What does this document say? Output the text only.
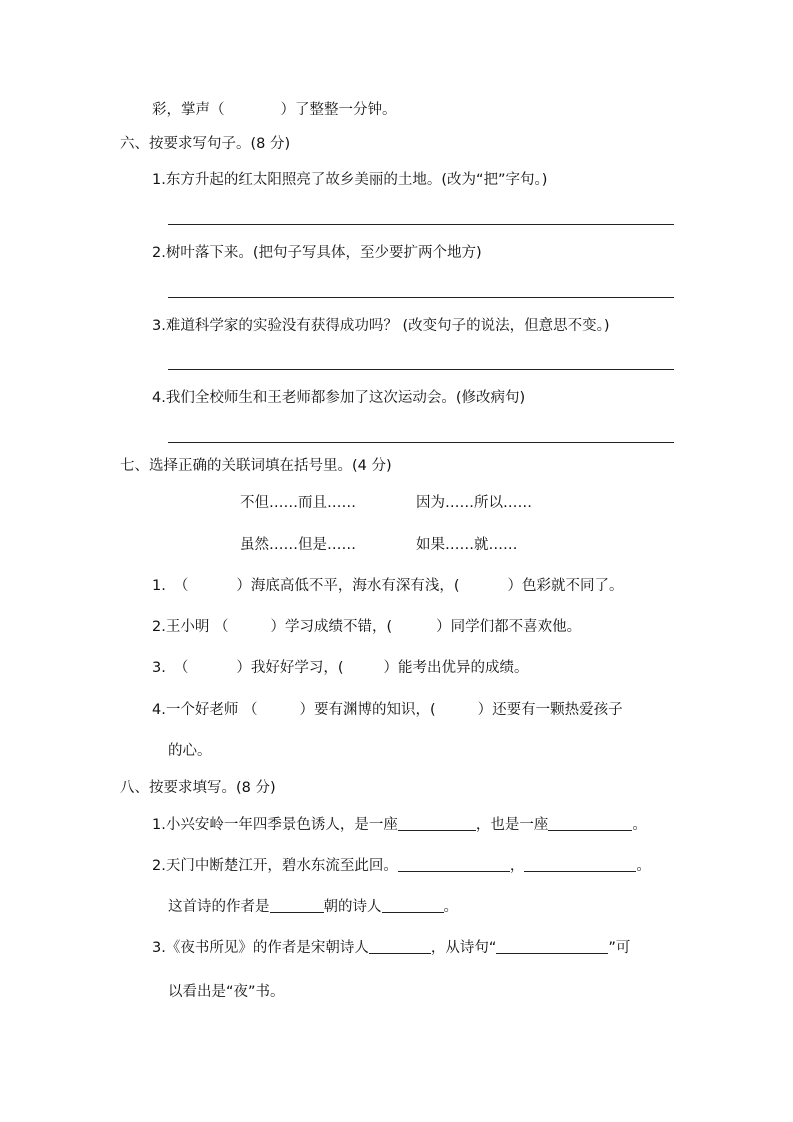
彩，掌声（	）了整整一分钟。
六、按要求写句子。(8 分)
1.东方升起的红太阳照亮了故乡美丽的土地。(改为“把”字句。)
2.树叶落下来。(把句子写具体，至少要扩两个地方)
3.难道科学家的实验没有获得成功吗？ (改变句子的说法，但意思不变。)
4.我们全校师生和王老师都参加了这次运动会。(修改病句)
七、选择正确的关联词填在括号里。(4 分)
不但……而且……	因为……所以……
虽然……但是……	如果……就……
1. （	）海底高低不平，海水有深有浅，(	）色彩就不同了。
2.王小明 （	）学习成绩不错，(	）同学们都不喜欢他。
3. （	）我好好学习，(	）能考出优异的成绩。
4.一个好老师 （	）要有渊博的知识，(	）还要有一颗热爱孩子
的心。
八、按要求填写。(8 分)
1.小兴安岭一年四季景色诱人，是一座	，也是一座	。
2.天门中断楚江开，碧水东流至此回。	，	。
这首诗的作者是	朝的诗人	。
3.《夜书所见》的作者是宋朝诗人	，从诗句“	”可
以看出是“夜”书。
